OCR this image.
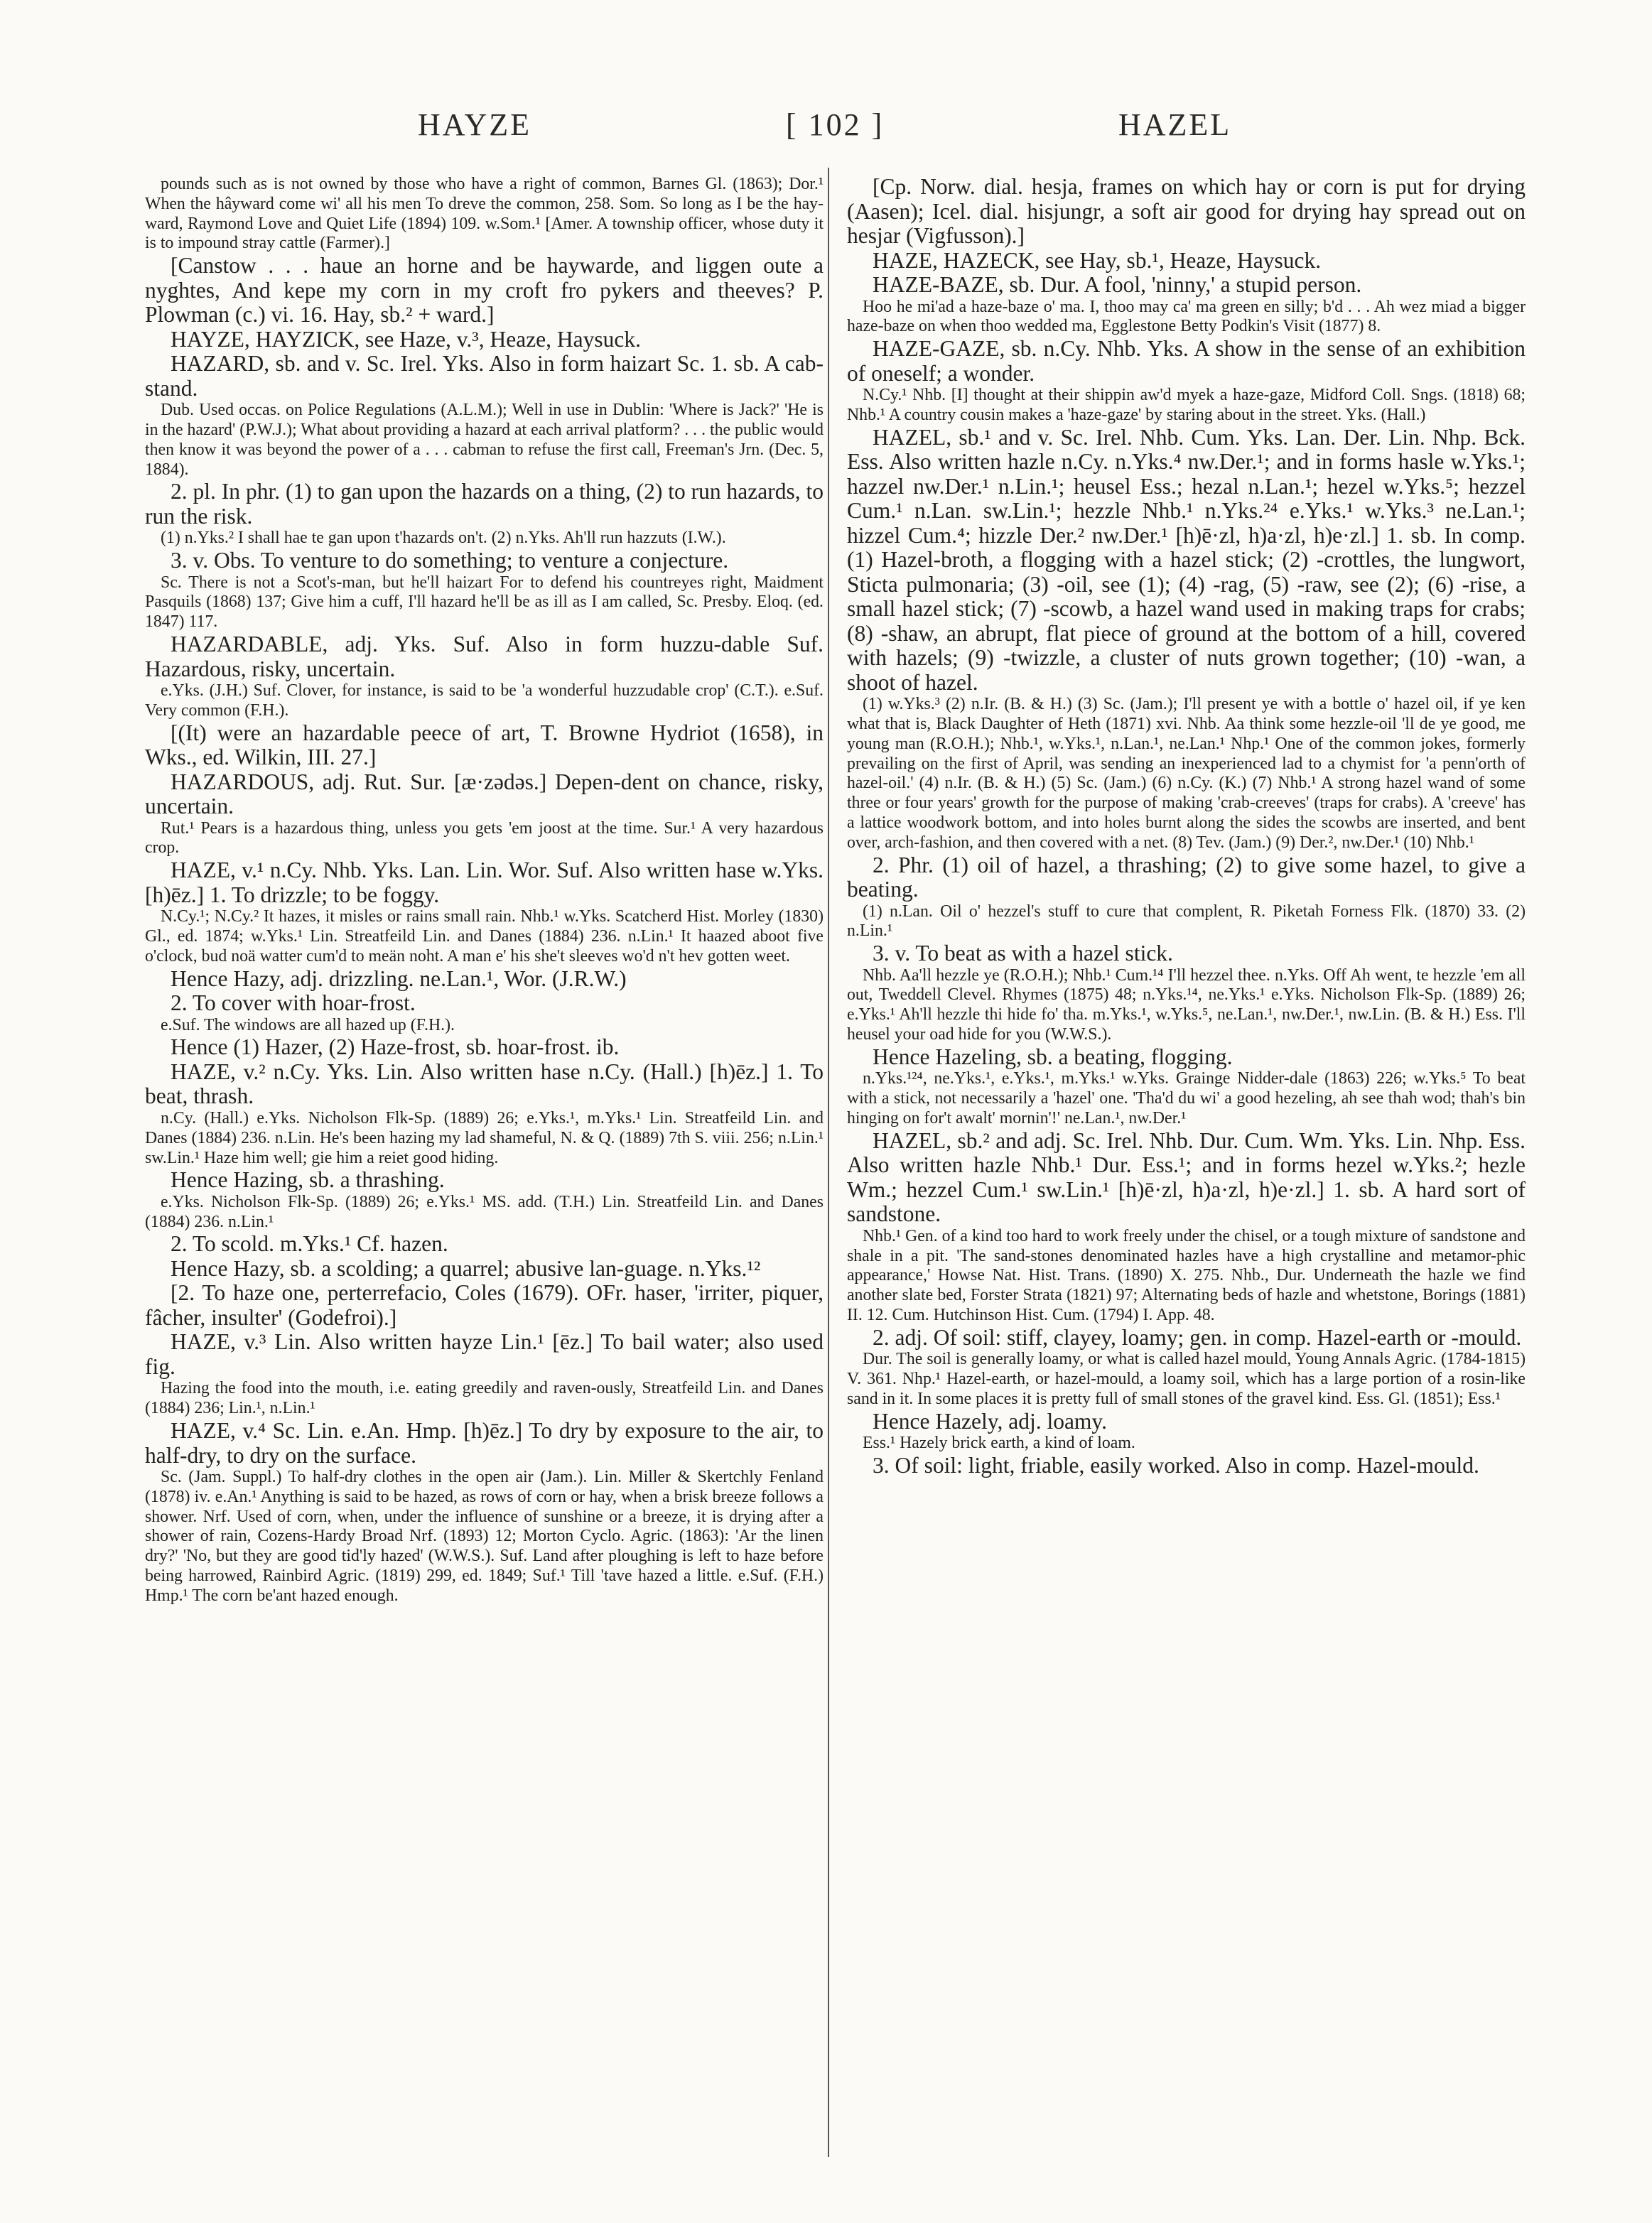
HAYZE	[ 102 ]	HAZEL

pounds such as is not owned by those who have a right of common, Barnes Gl. (1863); Dor.¹ When the hâyward come wi' all his men To dreve the common, 258. Som. So long as I be the hay-ward, Raymond Love and Quiet Life (1894) 109. w.Som.¹ [Amer. A township officer, whose duty it is to impound stray cattle (Farmer).]

[Canstow . . . haue an horne and be haywarde, and liggen oute a nyghtes, And kepe my corn in my croft fro pykers and theeves? P. Plowman (c.) vi. 16. Hay, sb.² + ward.]

HAYZE, HAYZICK, see Haze, v.³, Heaze, Haysuck.

HAZARD, sb. and v. Sc. Irel. Yks. Also in form haizart Sc. 1. sb. A cab-stand.

Dub. Used occas. on Police Regulations (A.L.M.); Well in use in Dublin: 'Where is Jack?' 'He is in the hazard' (P.W.J.); What about providing a hazard at each arrival platform? . . . the public would then know it was beyond the power of a . . . cabman to refuse the first call, Freeman's Jrn. (Dec. 5, 1884).

2. pl. In phr. (1) to gan upon the hazards on a thing, (2) to run hazards, to run the risk.

(1) n.Yks.² I shall hae te gan upon t'hazards on't. (2) n.Yks. Ah'll run hazzuts (I.W.).

3. v. Obs. To venture to do something; to venture a conjecture.

Sc. There is not a Scot's-man, but he'll haizart For to defend his countreyes right, Maidment Pasquils (1868) 137; Give him a cuff, I'll hazard he'll be as ill as I am called, Sc. Presby. Eloq. (ed. 1847) 117.

HAZARDABLE, adj. Yks. Suf. Also in form huzzu-dable Suf. Hazardous, risky, uncertain.

e.Yks. (J.H.) Suf. Clover, for instance, is said to be 'a wonderful huzzudable crop' (C.T.). e.Suf. Very common (F.H.).

[(It) were an hazardable peece of art, T. Browne Hydriot (1658), in Wks., ed. Wilkin, III. 27.]

HAZARDOUS, adj. Rut. Sur. [æ·zədəs.] Depen-dent on chance, risky, uncertain.

Rut.¹ Pears is a hazardous thing, unless you gets 'em joost at the time. Sur.¹ A very hazardous crop.

HAZE, v.¹ n.Cy. Nhb. Yks. Lan. Lin. Wor. Suf. Also written hase w.Yks. [h)ēz.] 1. To drizzle; to be foggy.

N.Cy.¹; N.Cy.² It hazes, it misles or rains small rain. Nhb.¹ w.Yks. Scatcherd Hist. Morley (1830) Gl., ed. 1874; w.Yks.¹ Lin. Streatfeild Lin. and Danes (1884) 236. n.Lin.¹ It haazed aboot five o'clock, bud noä watter cum'd to meän noht. A man e' his she't sleeves wo'd n't hev gotten weet.

Hence Hazy, adj. drizzling. ne.Lan.¹, Wor. (J.R.W.)

2. To cover with hoar-frost.

e.Suf. The windows are all hazed up (F.H.).

Hence (1) Hazer, (2) Haze-frost, sb. hoar-frost. ib.

HAZE, v.² n.Cy. Yks. Lin. Also written hase n.Cy. (Hall.) [h)ēz.] 1. To beat, thrash.

n.Cy. (Hall.) e.Yks. Nicholson Flk-Sp. (1889) 26; e.Yks.¹, m.Yks.¹ Lin. Streatfeild Lin. and Danes (1884) 236. n.Lin. He's been hazing my lad shameful, N. & Q. (1889) 7th S. viii. 256; n.Lin.¹ sw.Lin.¹ Haze him well; gie him a reiet good hiding.

Hence Hazing, sb. a thrashing.

e.Yks. Nicholson Flk-Sp. (1889) 26; e.Yks.¹ MS. add. (T.H.) Lin. Streatfeild Lin. and Danes (1884) 236. n.Lin.¹

2. To scold. m.Yks.¹ Cf. hazen.

Hence Hazy, sb. a scolding; a quarrel; abusive lan-guage. n.Yks.¹²

[2. To haze one, perterrefacio, Coles (1679). OFr. haser, 'irriter, piquer, fâcher, insulter' (Godefroi).]

HAZE, v.³ Lin. Also written hayze Lin.¹ [ēz.] To bail water; also used fig.

Hazing the food into the mouth, i.e. eating greedily and raven-ously, Streatfeild Lin. and Danes (1884) 236; Lin.¹, n.Lin.¹

HAZE, v.⁴ Sc. Lin. e.An. Hmp. [h)ēz.] To dry by exposure to the air, to half-dry, to dry on the surface.

Sc. (Jam. Suppl.) To half-dry clothes in the open air (Jam.). Lin. Miller & Skertchly Fenland (1878) iv. e.An.¹ Anything is said to be hazed, as rows of corn or hay, when a brisk breeze follows a shower. Nrf. Used of corn, when, under the influence of sunshine or a breeze, it is drying after a shower of rain, Cozens-Hardy Broad Nrf. (1893) 12; Morton Cyclo. Agric. (1863): 'Ar the linen dry?' 'No, but they are good tid'ly hazed' (W.W.S.). Suf. Land after ploughing is left to haze before being harrowed, Rainbird Agric. (1819) 299, ed. 1849; Suf.¹ Till 'tave hazed a little. e.Suf. (F.H.) Hmp.¹ The corn be'ant hazed enough.

[Cp. Norw. dial. hesja, frames on which hay or corn is put for drying (Aasen); Icel. dial. hisjungr, a soft air good for drying hay spread out on hesjar (Vigfusson).]

HAZE, HAZECK, see Hay, sb.¹, Heaze, Haysuck.

HAZE-BAZE, sb. Dur. A fool, 'ninny,' a stupid person.

Hoo he mi'ad a haze-baze o' ma. I, thoo may ca' ma green en silly; b'd . . . Ah wez miad a bigger haze-baze on when thoo wedded ma, Egglestone Betty Podkin's Visit (1877) 8.

HAZE-GAZE, sb. n.Cy. Nhb. Yks. A show in the sense of an exhibition of oneself; a wonder.

N.Cy.¹ Nhb. [I] thought at their shippin aw'd myek a haze-gaze, Midford Coll. Sngs. (1818) 68; Nhb.¹ A country cousin makes a 'haze-gaze' by staring about in the street. Yks. (Hall.)

HAZEL, sb.¹ and v. Sc. Irel. Nhb. Cum. Yks. Lan. Der. Lin. Nhp. Bck. Ess. Also written hazle n.Cy. n.Yks.⁴ nw.Der.¹; and in forms hasle w.Yks.¹; hazzel nw.Der.¹ n.Lin.¹; heusel Ess.; hezal n.Lan.¹; hezel w.Yks.⁵; hezzel Cum.¹ n.Lan. sw.Lin.¹; hezzle Nhb.¹ n.Yks.²⁴ e.Yks.¹ w.Yks.³ ne.Lan.¹; hizzel Cum.⁴; hizzle Der.² nw.Der.¹ [h)ē·zl, h)a·zl, h)e·zl.] 1. sb. In comp. (1) Hazel-broth, a flogging with a hazel stick; (2) -crottles, the lungwort, Sticta pulmonaria; (3) -oil, see (1); (4) -rag, (5) -raw, see (2); (6) -rise, a small hazel stick; (7) -scowb, a hazel wand used in making traps for crabs; (8) -shaw, an abrupt, flat piece of ground at the bottom of a hill, covered with hazels; (9) -twizzle, a cluster of nuts grown together; (10) -wan, a shoot of hazel.

(1) w.Yks.³ (2) n.Ir. (B. & H.) (3) Sc. (Jam.); I'll present ye with a bottle o' hazel oil, if ye ken what that is, Black Daughter of Heth (1871) xvi. Nhb. Aa think some hezzle-oil 'll de ye good, me young man (R.O.H.); Nhb.¹, w.Yks.¹, n.Lan.¹, ne.Lan.¹ Nhp.¹ One of the common jokes, formerly prevailing on the first of April, was sending an inexperienced lad to a chymist for 'a penn'orth of hazel-oil.' (4) n.Ir. (B. & H.) (5) Sc. (Jam.) (6) n.Cy. (K.) (7) Nhb.¹ A strong hazel wand of some three or four years' growth for the purpose of making 'crab-creeves' (traps for crabs). A 'creeve' has a lattice woodwork bottom, and into holes burnt along the sides the scowbs are inserted, and bent over, arch-fashion, and then covered with a net. (8) Tev. (Jam.) (9) Der.², nw.Der.¹ (10) Nhb.¹

2. Phr. (1) oil of hazel, a thrashing; (2) to give some hazel, to give a beating.

(1) n.Lan. Oil o' hezzel's stuff to cure that complent, R. Piketah Forness Flk. (1870) 33. (2) n.Lin.¹

3. v. To beat as with a hazel stick.

Nhb. Aa'll hezzle ye (R.O.H.); Nhb.¹ Cum.¹⁴ I'll hezzel thee. n.Yks. Off Ah went, te hezzle 'em all out, Tweddell Clevel. Rhymes (1875) 48; n.Yks.¹⁴, ne.Yks.¹ e.Yks. Nicholson Flk-Sp. (1889) 26; e.Yks.¹ Ah'll hezzle thi hide fo' tha. m.Yks.¹, w.Yks.⁵, ne.Lan.¹, nw.Der.¹, nw.Lin. (B. & H.) Ess. I'll heusel your oad hide for you (W.W.S.).

Hence Hazeling, sb. a beating, flogging.

n.Yks.¹²⁴, ne.Yks.¹, e.Yks.¹, m.Yks.¹ w.Yks. Grainge Nidder-dale (1863) 226; w.Yks.⁵ To beat with a stick, not necessarily a 'hazel' one. 'Tha'd du wi' a good hezeling, ah see thah wod; thah's bin hinging on for't awalt' mornin'!' ne.Lan.¹, nw.Der.¹

HAZEL, sb.² and adj. Sc. Irel. Nhb. Dur. Cum. Wm. Yks. Lin. Nhp. Ess. Also written hazle Nhb.¹ Dur. Ess.¹; and in forms hezel w.Yks.²; hezle Wm.; hezzel Cum.¹ sw.Lin.¹ [h)ē·zl, h)a·zl, h)e·zl.] 1. sb. A hard sort of sandstone.

Nhb.¹ Gen. of a kind too hard to work freely under the chisel, or a tough mixture of sandstone and shale in a pit. 'The sand-stones denominated hazles have a high crystalline and metamor-phic appearance,' Howse Nat. Hist. Trans. (1890) X. 275. Nhb., Dur. Underneath the hazle we find another slate bed, Forster Strata (1821) 97; Alternating beds of hazle and whetstone, Borings (1881) II. 12. Cum. Hutchinson Hist. Cum. (1794) I. App. 48.

2. adj. Of soil: stiff, clayey, loamy; gen. in comp. Hazel-earth or -mould.

Dur. The soil is generally loamy, or what is called hazel mould, Young Annals Agric. (1784-1815) V. 361. Nhp.¹ Hazel-earth, or hazel-mould, a loamy soil, which has a large portion of a rosin-like sand in it. In some places it is pretty full of small stones of the gravel kind. Ess. Gl. (1851); Ess.¹

Hence Hazely, adj. loamy.

Ess.¹ Hazely brick earth, a kind of loam.

3. Of soil: light, friable, easily worked. Also in comp. Hazel-mould.
